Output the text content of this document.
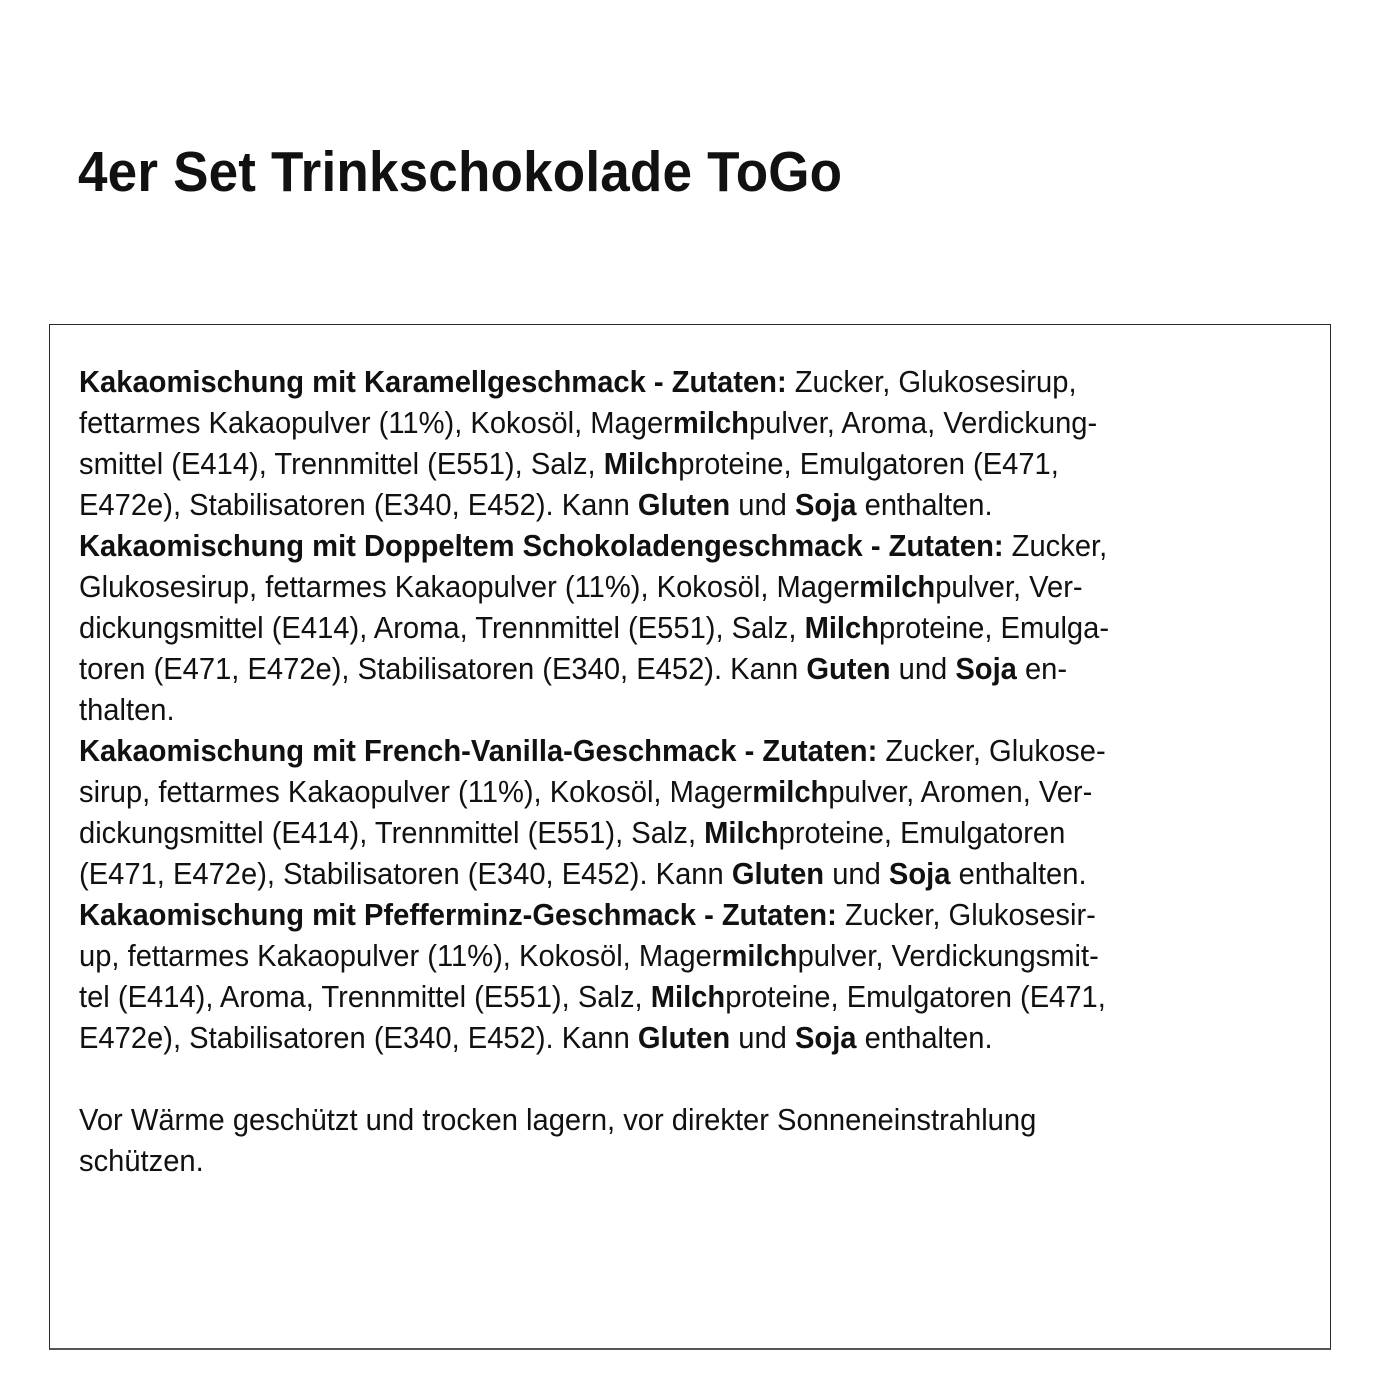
4er Set Trinkschokolade ToGo
Kakaomischung mit Karamellgeschmack - Zutaten: Zucker, Glukosesirup,
fettarmes Kakaopulver (11%), Kokosöl, Magermilchpulver, Aroma, Verdickung-
smittel (E414), Trennmittel (E551), Salz, Milchproteine, Emulgatoren (E471,
E472e), Stabilisatoren (E340, E452). Kann Gluten und Soja enthalten.
Kakaomischung mit Doppeltem Schokoladengeschmack - Zutaten: Zucker,
Glukosesirup, fettarmes Kakaopulver (11%), Kokosöl, Magermilchpulver, Ver-
dickungsmittel (E414), Aroma, Trennmittel (E551), Salz, Milchproteine, Emulga-
toren (E471, E472e), Stabilisatoren (E340, E452). Kann Guten und Soja en-
thalten.
Kakaomischung mit French-Vanilla-Geschmack - Zutaten: Zucker, Glukose-
sirup, fettarmes Kakaopulver (11%), Kokosöl, Magermilchpulver, Aromen, Ver-
dickungsmittel (E414), Trennmittel (E551), Salz, Milchproteine, Emulgatoren
(E471, E472e), Stabilisatoren (E340, E452). Kann Gluten und Soja enthalten.
Kakaomischung mit Pfefferminz-Geschmack - Zutaten: Zucker, Glukosesir-
up, fettarmes Kakaopulver (11%), Kokosöl, Magermilchpulver, Verdickungsmit-
tel (E414), Aroma, Trennmittel (E551), Salz, Milchproteine, Emulgatoren (E471,
E472e), Stabilisatoren (E340, E452). Kann Gluten und Soja enthalten.
Vor Wärme geschützt und trocken lagern, vor direkter Sonneneinstrahlung
schützen.
